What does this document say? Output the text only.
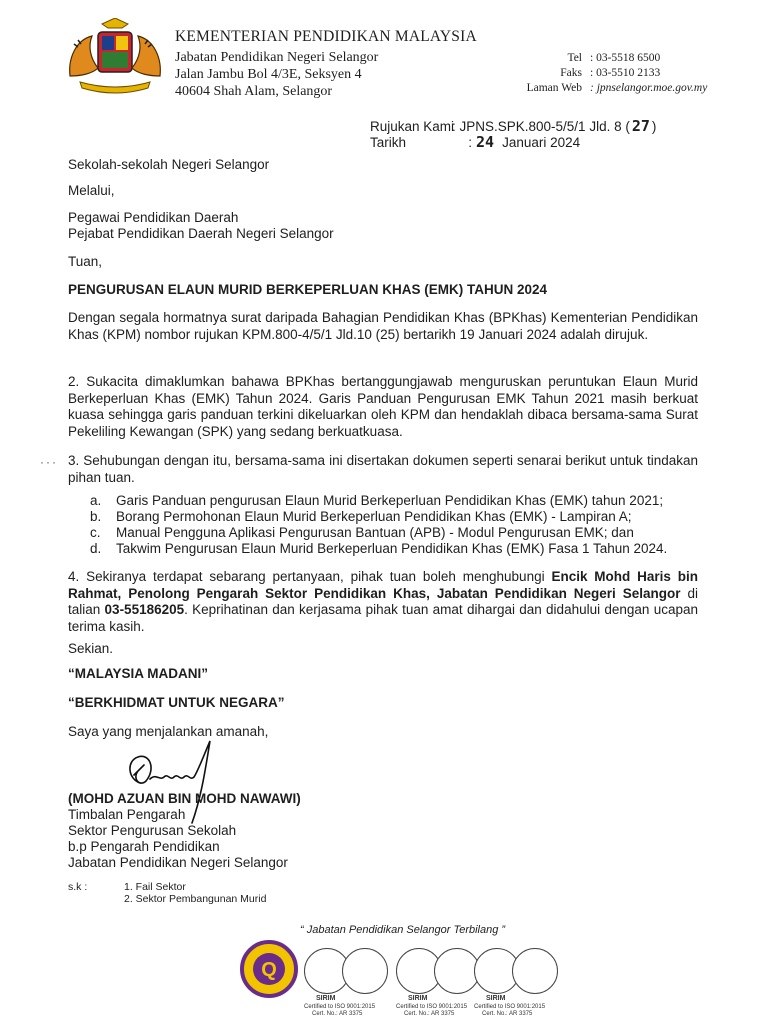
KEMENTERIAN PENDIDIKAN MALAYSIA
Jabatan Pendidikan Negeri Selangor
Jalan Jambu Bol 4/3E, Seksyen 4
40604 Shah Alam, Selangor
Tel : 03-5518 6500
Faks : 03-5510 2133
Laman Web : jpnselangor.moe.gov.my
Rujukan Kami: JPNS.SPK.800-5/5/1 Jld. 8 ( 27 )
Tarikh	: 24 Januari 2024
Sekolah-sekolah Negeri Selangor
Melalui,
Pegawai Pendidikan Daerah
Pejabat Pendidikan Daerah Negeri Selangor
Tuan,
PENGURUSAN ELAUN MURID BERKEPERLUAN KHAS (EMK) TAHUN 2024
Dengan segala hormatnya surat daripada Bahagian Pendidikan Khas (BPKhas) Kementerian Pendidikan Khas (KPM) nombor rujukan KPM.800-4/5/1 Jld.10 (25) bertarikh 19 Januari 2024 adalah dirujuk.
2. Sukacita dimaklumkan bahawa BPKhas bertanggungjawab menguruskan peruntukan Elaun Murid Berkeperluan Khas (EMK) Tahun 2024. Garis Panduan Pengurusan EMK Tahun 2021 masih berkuat kuasa sehingga garis panduan terkini dikeluarkan oleh KPM dan hendaklah dibaca bersama-sama Surat Pekeliling Kewangan (SPK) yang sedang berkuatkuasa.
··· 3. Sehubungan dengan itu, bersama-sama ini disertakan dokumen seperti senarai berikut untuk tindakan pihan tuan.
a. Garis Panduan pengurusan Elaun Murid Berkeperluan Pendidikan Khas (EMK) tahun 2021;
b. Borang Permohonan Elaun Murid Berkeperluan Pendidikan Khas (EMK) - Lampiran A;
c. Manual Pengguna Aplikasi Pengurusan Bantuan (APB) - Modul Pengurusan EMK; dan
d. Takwim Pengurusan Elaun Murid Berkeperluan Pendidikan Khas (EMK) Fasa 1 Tahun 2024.
4. Sekiranya terdapat sebarang pertanyaan, pihak tuan boleh menghubungi Encik Mohd Haris bin Rahmat, Penolong Pengarah Sektor Pendidikan Khas, Jabatan Pendidikan Negeri Selangor di talian 03-55186205. Keprihatinan dan kerjasama pihak tuan amat dihargai dan didahului dengan ucapan terima kasih.
Sekian.
“MALAYSIA MADANI”
“BERKHIDMAT UNTUK NEGARA”
Saya yang menjalankan amanah,
(MOHD AZUAN BIN MOHD NAWAWI)
Timbalan Pengarah
Sektor Pengurusan Sekolah
b.p Pengarah Pendidikan
Jabatan Pendidikan Negeri Selangor
s.k :	1. Fail Sektor
2. Sektor Pembangunan Murid
“ Jabatan Pendidikan Selangor Terbilang ”
Q
SIRIM	SIRIM	SIRIM
Certified to ISO 9001:2015
Cert. No.: AR 3375
Certified to ISO 9001:2015
Cert. No.: AR 3375
Certified to ISO 9001:2015
Cert. No.: AR 3375
